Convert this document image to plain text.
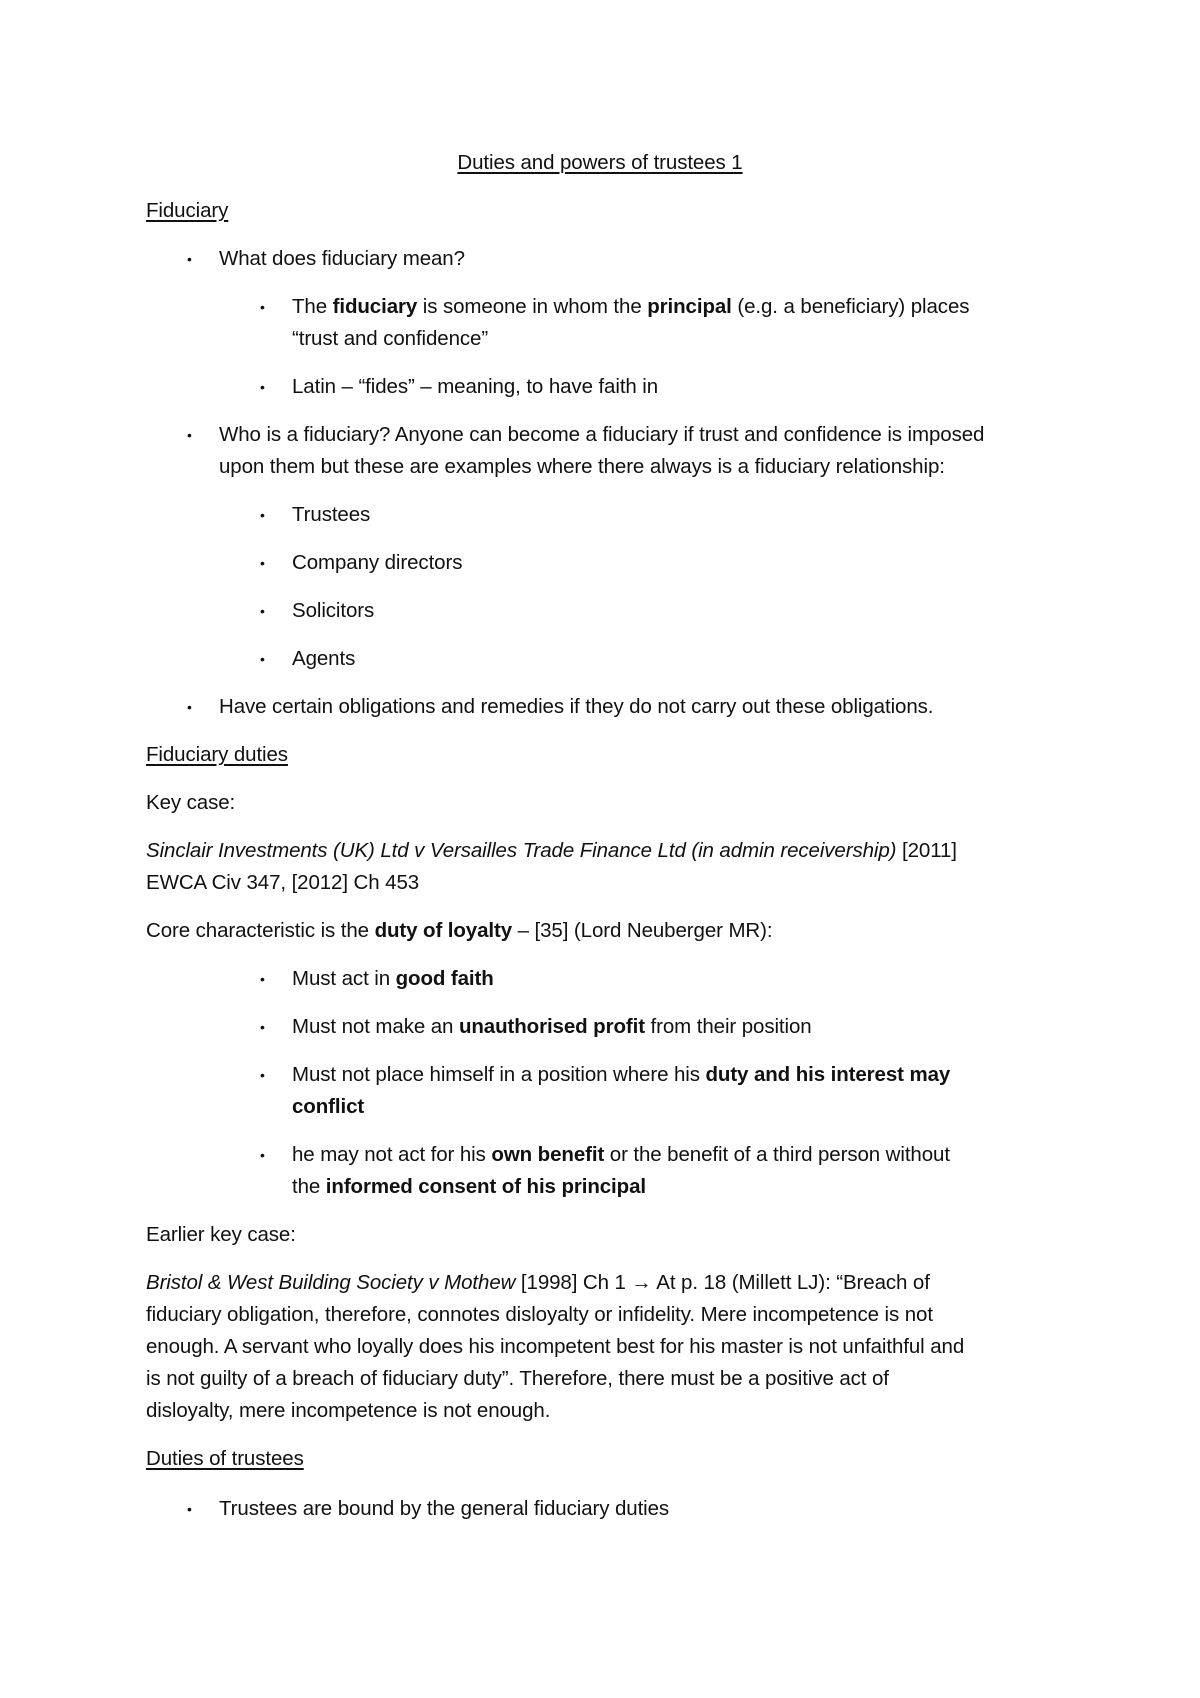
Duties and powers of trustees 1
Fiduciary
• What does fiduciary mean?
• The fiduciary is someone in whom the principal (e.g. a beneficiary) places
“trust and confidence”
• Latin – “fides” – meaning, to have faith in
• Who is a fiduciary? Anyone can become a fiduciary if trust and confidence is imposed
upon them but these are examples where there always is a fiduciary relationship:
• Trustees
• Company directors
• Solicitors
• Agents
• Have certain obligations and remedies if they do not carry out these obligations.
Fiduciary duties
Key case:
Sinclair Investments (UK) Ltd v Versailles Trade Finance Ltd (in admin receivership) [2011]
EWCA Civ 347, [2012] Ch 453
Core characteristic is the duty of loyalty – [35] (Lord Neuberger MR):
• Must act in good faith
• Must not make an unauthorised profit from their position
• Must not place himself in a position where his duty and his interest may
conflict
• he may not act for his own benefit or the benefit of a third person without
the informed consent of his principal
Earlier key case:
Bristol & West Building Society v Mothew [1998] Ch 1 → At p. 18 (Millett LJ): “Breach of
fiduciary obligation, therefore, connotes disloyalty or infidelity. Mere incompetence is not
enough. A servant who loyally does his incompetent best for his master is not unfaithful and
is not guilty of a breach of fiduciary duty”. Therefore, there must be a positive act of
disloyalty, mere incompetence is not enough.
Duties of trustees
• Trustees are bound by the general fiduciary duties
